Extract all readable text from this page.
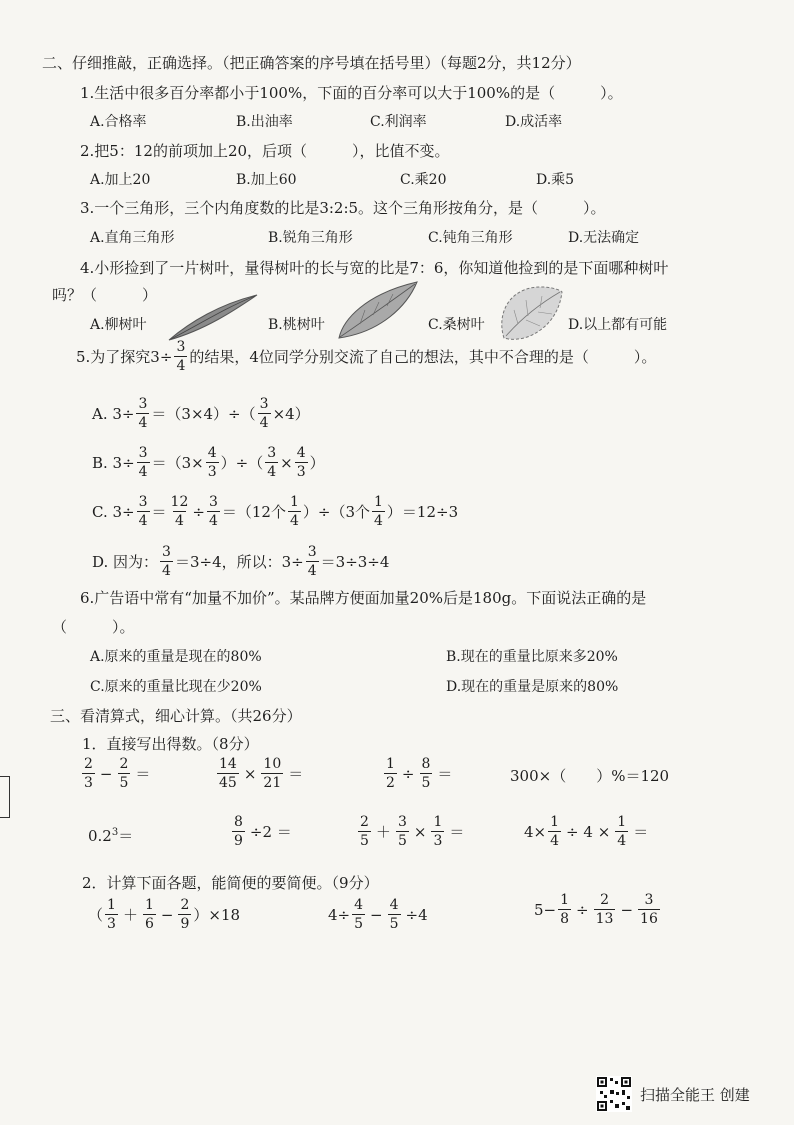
二、仔细推敲，正确选择。（把正确答案的序号填在括号里）（每题2分，共12分）
1.生活中很多百分率都小于100%，下面的百分率可以大于100%的是（　　　）。
A.合格率	B.出油率	C.利润率	D.成活率
2.把5：12的前项加上20，后项（　　　），比值不变。
A.加上20	B.加上60	C.乘20	D.乘5
3.一个三角形，三个内角度数的比是3:2:5。这个三角形按角分，是（　　　）。
A.直角三角形	B.锐角三角形	C.钝角三角形	D.无法确定
4.小形捡到了一片树叶，量得树叶的长与宽的比是7：6，你知道他捡到的是下面哪种树叶
吗？（　　　）
A.柳树叶	B.桃树叶	C.桑树叶	D.以上都有可能
5.为了探究$3\div \frac{3}{4}$ 的结果，4位同学分别交流了自己的想法，其中不合理的是（　　　）。
A. $3\div \frac{3}{4} =(3\times 4)\div( \frac{3}{4} \times 4)$
B. $3\div \frac{3}{4} =(3\times \frac{4}{3}$ ）÷（ $\frac{3}{4} \times \frac{4}{3}$ ）
C. $3\div \frac{3}{4} = \frac{12}{4} \div \frac{3}{4} =(12$个 $\frac{1}{4} )\div(3$个 $\frac{1}{4} )=12\div 3$
D. 因为： $\frac{3}{4} =3\div 4$，所以：$3\div \frac{3}{4} =3\div 3\div 4$
6.广告语中常有“加量不加价”。某品牌方便面加量20%后是180g。下面说法正确的是
（　　　）。
A.原来的重量是现在的80%	B.现在的重量比原来多20%
C.原来的重量比现在少20%	D.现在的重量是原来的80%
三、看清算式，细心计算。（共26分）
1．直接写出得数。（8分）
$\frac{2}{3} - \frac{2}{5}$ ＝	$\frac{14}{45} \times \frac{10}{21}$ ＝	$\frac{1}{2} \div \frac{8}{5}$ ＝	300×（　　）%＝120
$0.2^3=$	$\frac{8}{9} \div 2$ ＝	$\frac{2}{5} + \frac{3}{5} \times \frac{1}{3}$ ＝	$4\times \frac{1}{4} \div 4 \times \frac{1}{4}$ ＝
2．计算下面各题，能简便的要简便。（9分）
（ $\frac{1}{3} + \frac{1}{6} - \frac{2}{9} )\times 18$	$4\div \frac{4}{5} - \frac{4}{5} \div 4$	$5- \frac{1}{8} \div \frac{2}{13} - \frac{3}{16}$
扫描全能王 创建
